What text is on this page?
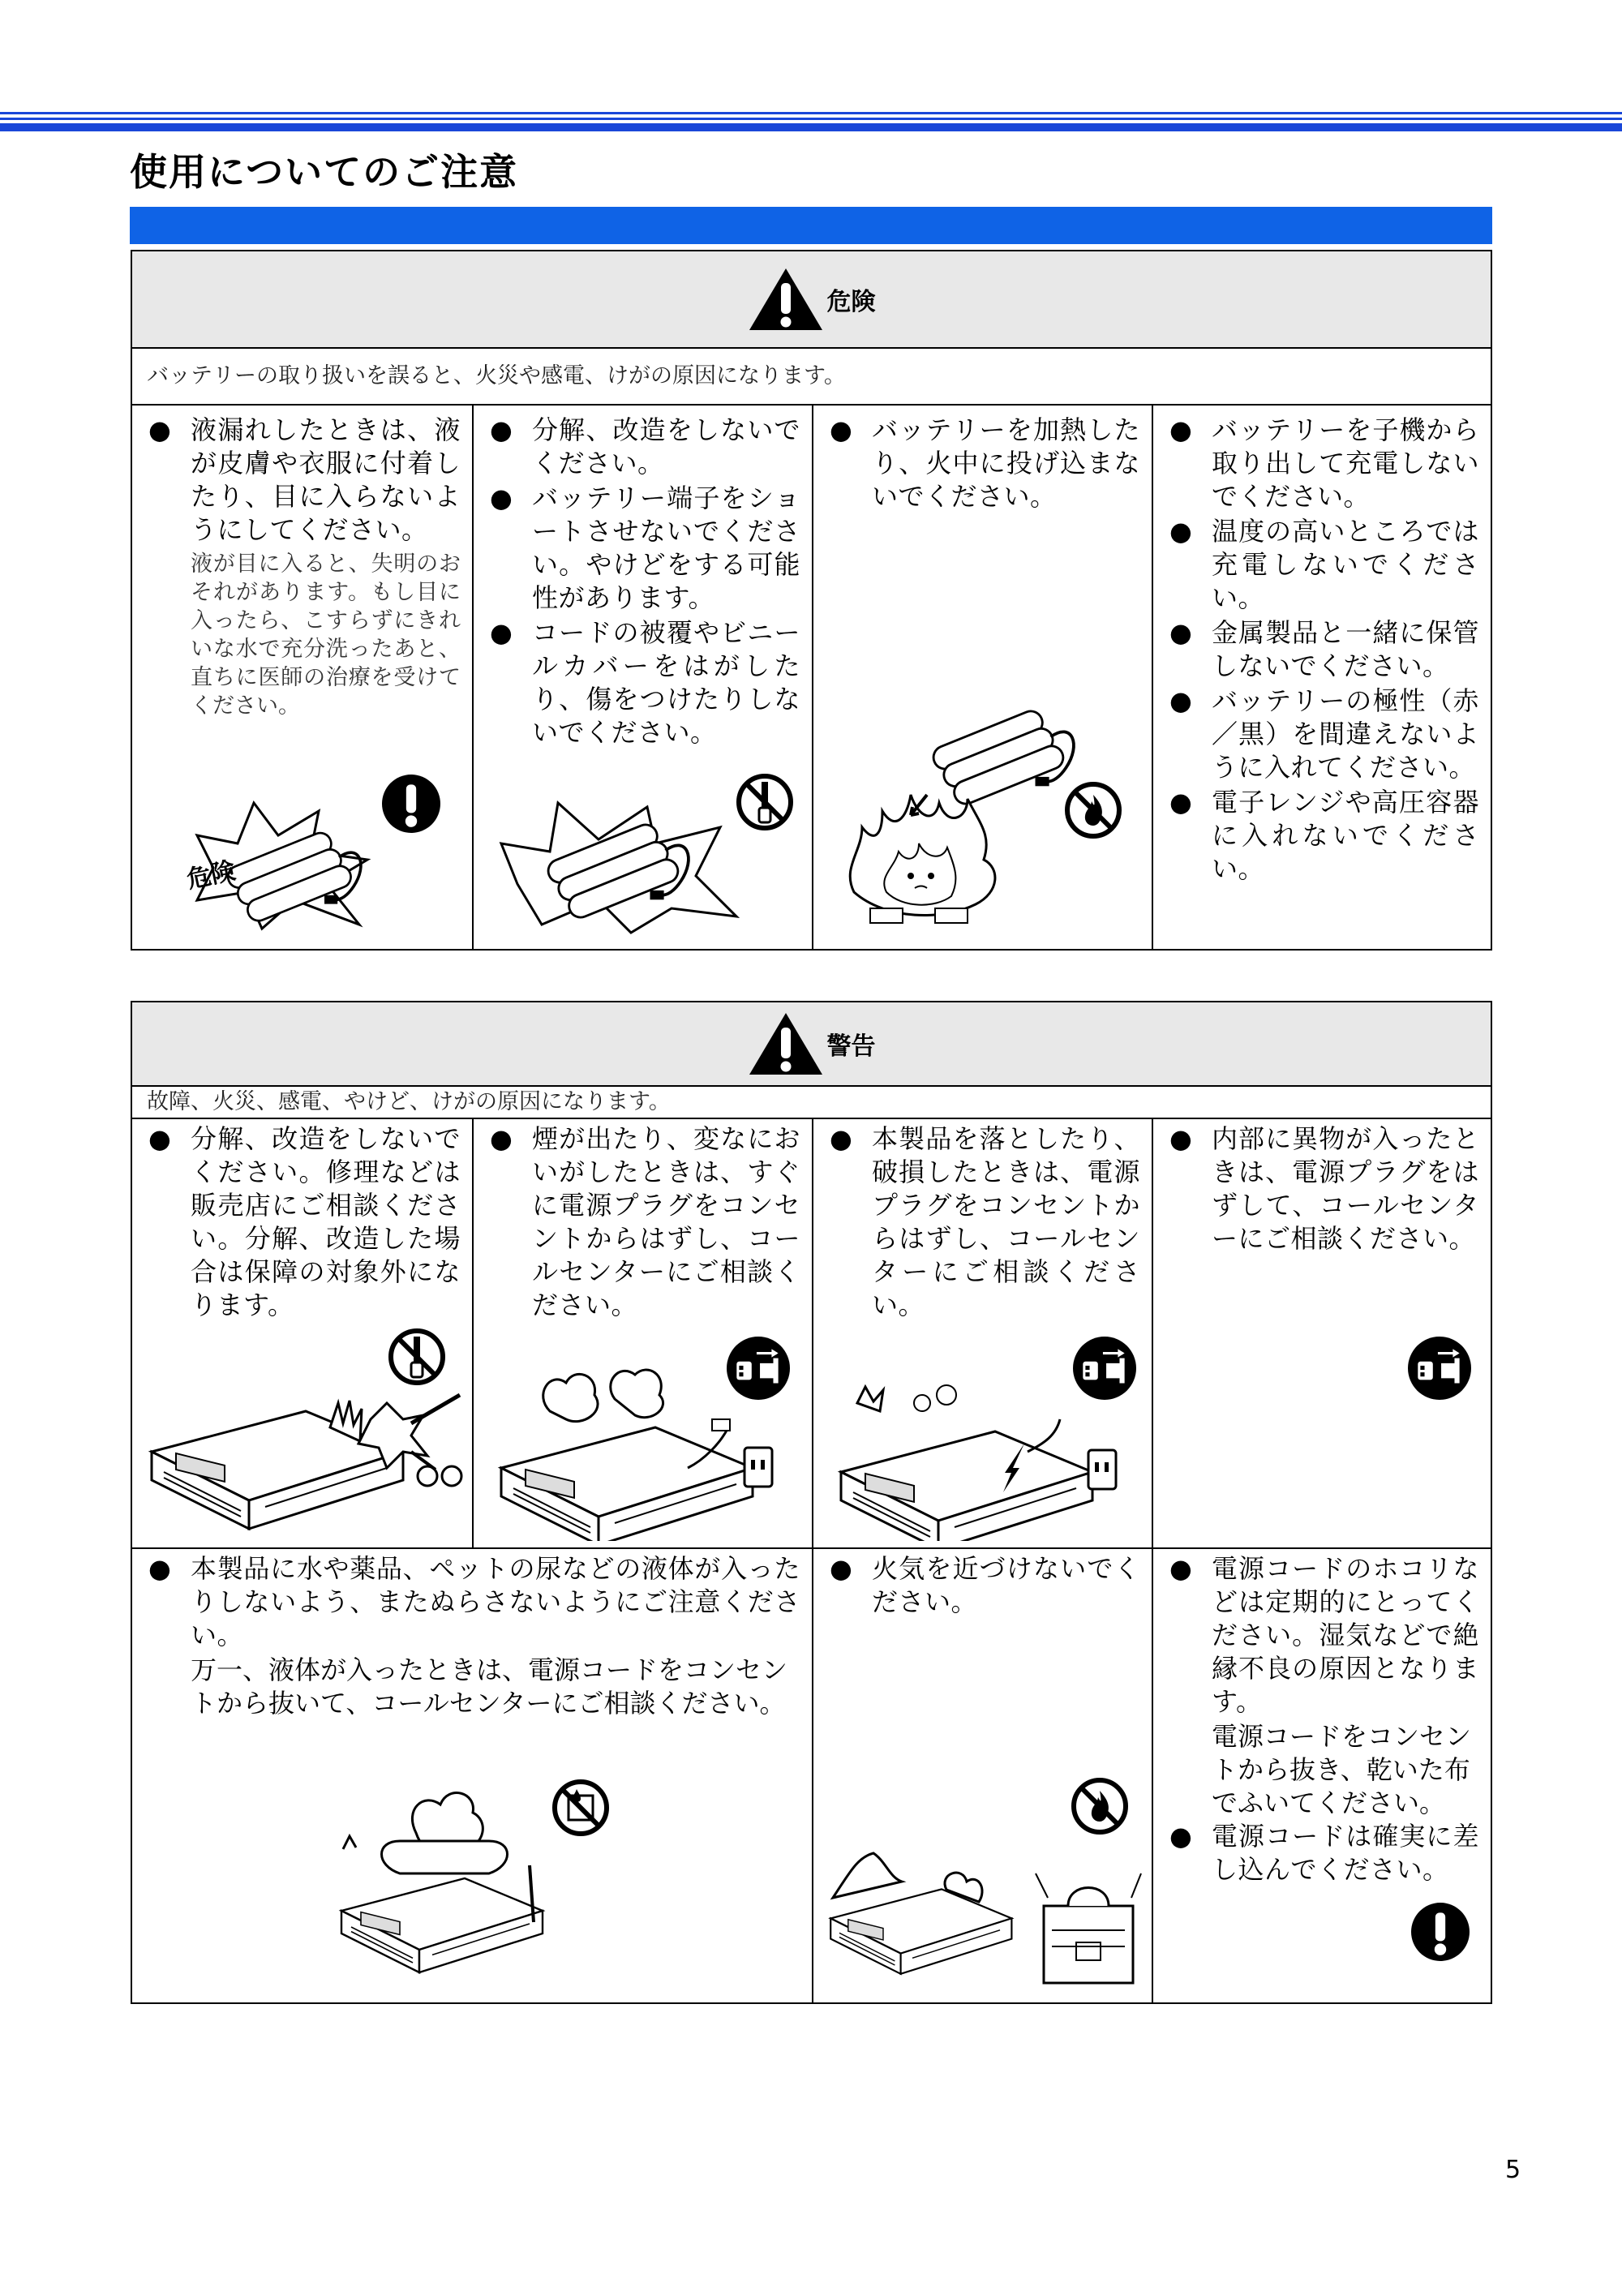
使用についてのご注意
危険
バッテリーの取り扱いを誤ると、火災や感電、けがの原因になります。
● 液漏れしたときは、液が皮膚や衣服に付着したり、目に入らないようにしてください。
液が目に入ると、失明のおそれがあります。もし目に入ったら、こすらずにきれいな水で充分洗ったあと、直ちに医師の治療を受けてください。
危険
● 分解、改造をしないでください。
● バッテリー端子をショートさせないでください。やけどをする可能性があります。
● コードの被覆やビニールカバーをはがしたり、傷をつけたりしないでください。
● バッテリーを加熱したり、火中に投げ込まないでください。
● バッテリーを子機から取り出して充電しないでください。
● 温度の高いところでは充電しないでください。
● 金属製品と一緒に保管しないでください。
● バッテリーの極性（赤／黒）を間違えないように入れてください。
● 電子レンジや高圧容器に入れないでください。
警告
故障、火災、感電、やけど、けがの原因になります。
● 分解、改造をしないでください。修理などは販売店にご相談ください。分解、改造した場合は保障の対象外になります。
● 煙が出たり、変なにおいがしたときは、すぐに電源プラグをコンセントからはずし、コールセンターにご相談ください。
● 本製品を落としたり、破損したときは、電源プラグをコンセントからはずし、コールセンターにご相談ください。
● 内部に異物が入ったときは、電源プラグをはずして、コールセンターにご相談ください。
● 本製品に水や薬品、ペットの尿などの液体が入ったりしないよう、またぬらさないようにご注意ください。
万一、液体が入ったときは、電源コードをコンセントから抜いて、コールセンターにご相談ください。
● 火気を近づけないでください。
● 電源コードのホコリなどは定期的にとってください。湿気などで絶縁不良の原因となります。
電源コードをコンセントから抜き、乾いた布でふいてください。
● 電源コードは確実に差し込んでください。
5
